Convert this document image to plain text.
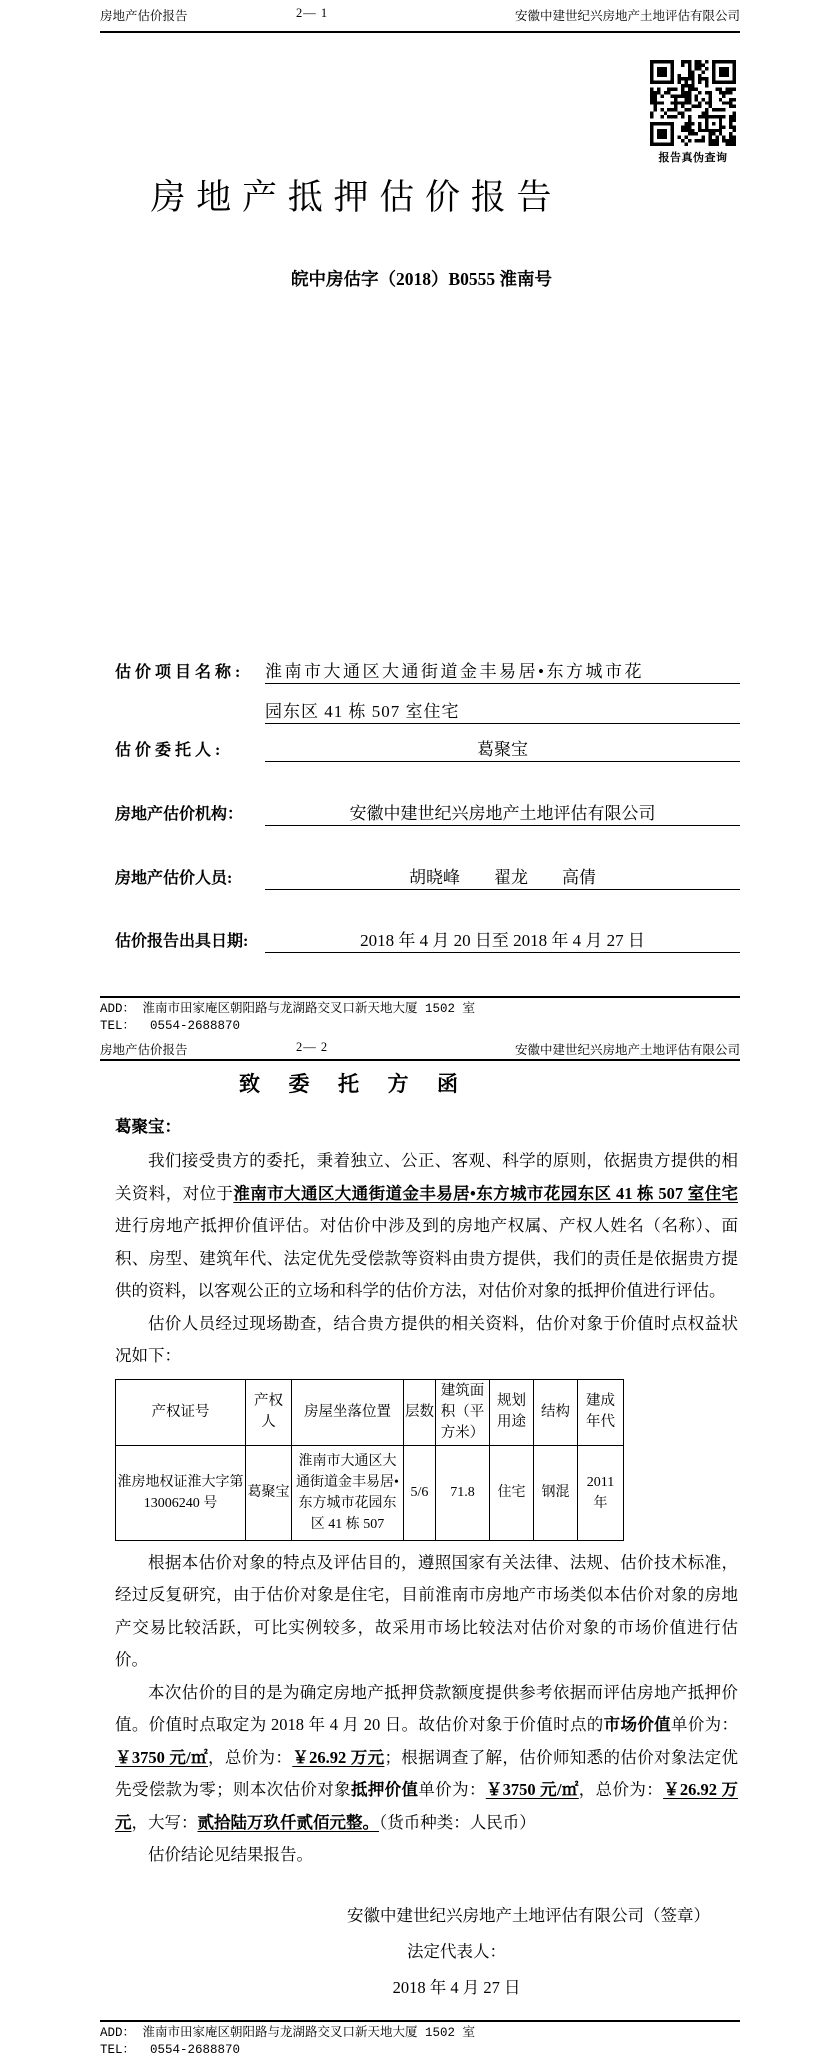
房地产估价报告	2— 1	安徽中建世纪兴房地产土地评估有限公司
报告真伪查询
房 地 产 抵 押 估 价 报 告
皖中房估字（2018）B0555 淮南号
估 价 项 目 名 称 :	淮南市大通区大通街道金丰易居•东方城市花
园东区 41 栋 507 室住宅
估 价 委 托 人 :	葛聚宝
房地产估价机构：	安徽中建世纪兴房地产土地评估有限公司
房地产估价人员:	胡晓峰　　翟龙　　高倩
估价报告出具日期:	2018 年 4 月 20 日至 2018 年 4 月 27 日
ADD： 淮南市田家庵区朝阳路与龙湖路交叉口新天地大厦 1502 室
TEL：  0554-2688870
房地产估价报告	2— 2	安徽中建世纪兴房地产土地评估有限公司
致  委  托  方  函
葛聚宝：

我们接受贵方的委托，秉着独立、公正、客观、科学的原则，依据贵方提供的相关资料，对位于淮南市大通区大通街道金丰易居•东方城市花园东区 41 栋 507 室住宅进行房地产抵押价值评估。对估价中涉及到的房地产权属、产权人姓名（名称）、面积、房型、建筑年代、法定优先受偿款等资料由贵方提供，我们的责任是依据贵方提供的资料，以客观公正的立场和科学的估价方法，对估价对象的抵押价值进行评估。

估价人员经过现场勘查，结合贵方提供的相关资料，估价对象于价值时点权益状况如下：

产权证号	产权人	房屋坐落位置	层数	建筑面积（平方米）	规划用途	结构	建成年代
淮房地权证淮大字第 13006240 号	葛聚宝	淮南市大通区大通街道金丰易居•东方城市花园东区 41 栋 507	5/6	71.8	住宅	钢混	2011 年

根据本估价对象的特点及评估目的，遵照国家有关法律、法规、估价技术标准，经过反复研究，由于估价对象是住宅，目前淮南市房地产市场类似本估价对象的房地产交易比较活跃，可比实例较多，故采用市场比较法对估价对象的市场价值进行估价。

本次估价的目的是为确定房地产抵押贷款额度提供参考依据而评估房地产抵押价值。价值时点取定为 2018 年 4 月 20 日。故估价对象于价值时点的市场价值单价为：￥3750 元/㎡，总价为：￥26.92 万元；根据调查了解，估价师知悉的估价对象法定优先受偿款为零；则本次估价对象抵押价值单价为：￥3750 元/㎡，总价为：￥26.92 万元，大写：贰拾陆万玖仟贰佰元整。（货币种类：人民币）

估价结论见结果报告。

安徽中建世纪兴房地产土地评估有限公司（签章）
法定代表人：
2018 年 4 月 27 日
ADD： 淮南市田家庵区朝阳路与龙湖路交叉口新天地大厦 1502 室
TEL：  0554-2688870
